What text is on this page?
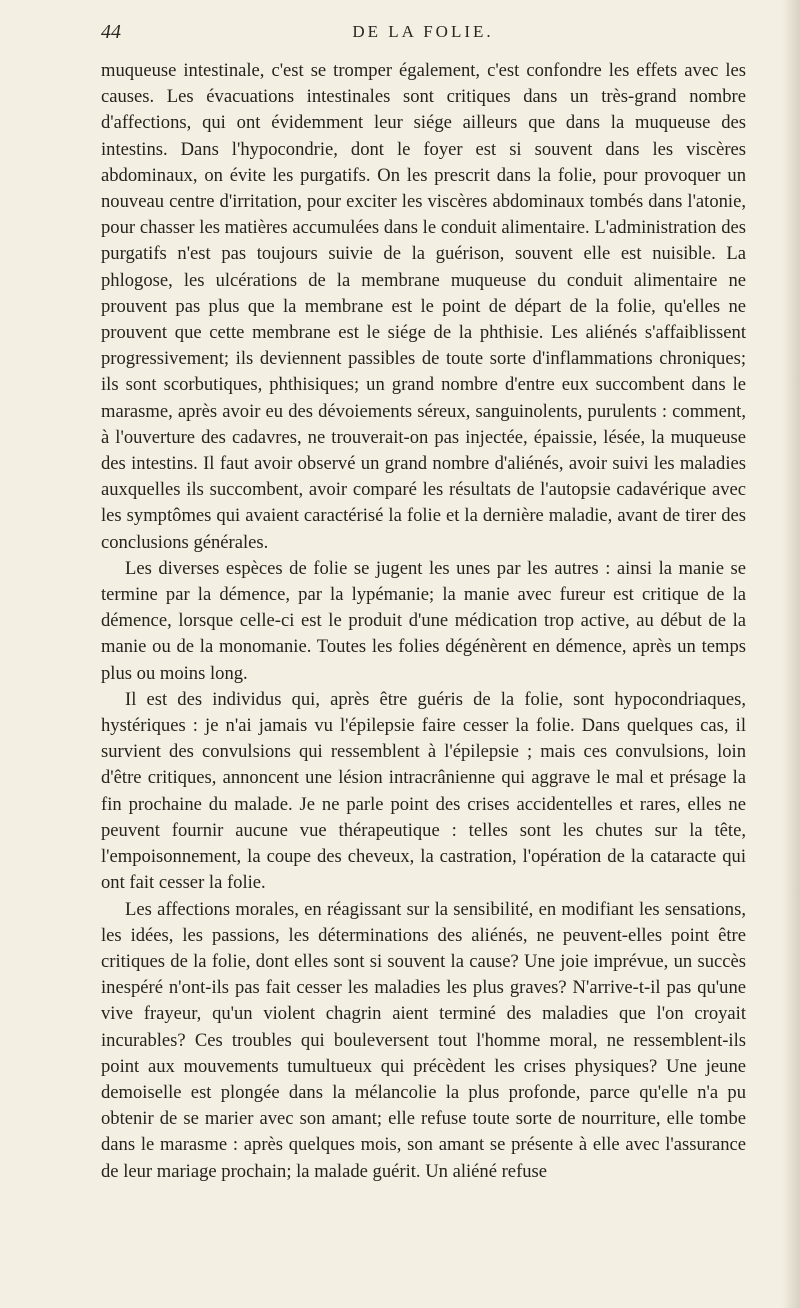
44	DE LA FOLIE.

muqueuse intestinale, c'est se tromper également, c'est confondre les effets avec les causes. Les évacuations intestinales sont critiques dans un très-grand nombre d'affections, qui ont évidemment leur siége ailleurs que dans la muqueuse des intestins. Dans l'hypocondrie, dont le foyer est si souvent dans les viscères abdominaux, on évite les purgatifs. On les prescrit dans la folie, pour provoquer un nouveau centre d'irritation, pour exciter les viscères abdominaux tombés dans l'atonie, pour chasser les matières accumulées dans le conduit alimentaire. L'administration des purgatifs n'est pas toujours suivie de la guérison, souvent elle est nuisible. La phlogose, les ulcérations de la membrane muqueuse du conduit alimentaire ne prouvent pas plus que la membrane est le point de départ de la folie, qu'elles ne prouvent que cette membrane est le siége de la phthisie. Les aliénés s'affaiblissent progressivement; ils deviennent passibles de toute sorte d'inflammations chroniques; ils sont scorbutiques, phthisiques; un grand nombre d'entre eux succombent dans le marasme, après avoir eu des dévoiements séreux, sanguinolents, purulents : comment, à l'ouverture des cadavres, ne trouverait-on pas injectée, épaissie, lésée, la muqueuse des intestins. Il faut avoir observé un grand nombre d'aliénés, avoir suivi les maladies auxquelles ils succombent, avoir comparé les résultats de l'autopsie cadavérique avec les symptômes qui avaient caractérisé la folie et la dernière maladie, avant de tirer des conclusions générales.

Les diverses espèces de folie se jugent les unes par les autres : ainsi la manie se termine par la démence, par la lypémanie; la manie avec fureur est critique de la démence, lorsque celle-ci est le produit d'une médication trop active, au début de la manie ou de la monomanie. Toutes les folies dégénèrent en démence, après un temps plus ou moins long.

Il est des individus qui, après être guéris de la folie, sont hypocondriaques, hystériques : je n'ai jamais vu l'épilepsie faire cesser la folie. Dans quelques cas, il survient des convulsions qui ressemblent à l'épilepsie ; mais ces convulsions, loin d'être critiques, annoncent une lésion intracrânienne qui aggrave le mal et présage la fin prochaine du malade. Je ne parle point des crises accidentelles et rares, elles ne peuvent fournir aucune vue thérapeutique : telles sont les chutes sur la tête, l'empoisonnement, la coupe des cheveux, la castration, l'opération de la cataracte qui ont fait cesser la folie.

Les affections morales, en réagissant sur la sensibilité, en modifiant les sensations, les idées, les passions, les déterminations des aliénés, ne peuvent-elles point être critiques de la folie, dont elles sont si souvent la cause? Une joie imprévue, un succès inespéré n'ont-ils pas fait cesser les maladies les plus graves? N'arrive-t-il pas qu'une vive frayeur, qu'un violent chagrin aient terminé des maladies que l'on croyait incurables? Ces troubles qui bouleversent tout l'homme moral, ne ressemblent-ils point aux mouvements tumultueux qui précèdent les crises physiques? Une jeune demoiselle est plongée dans la mélancolie la plus profonde, parce qu'elle n'a pu obtenir de se marier avec son amant; elle refuse toute sorte de nourriture, elle tombe dans le marasme : après quelques mois, son amant se présente à elle avec l'assurance de leur mariage prochain; la malade guérit. Un aliéné refuse
